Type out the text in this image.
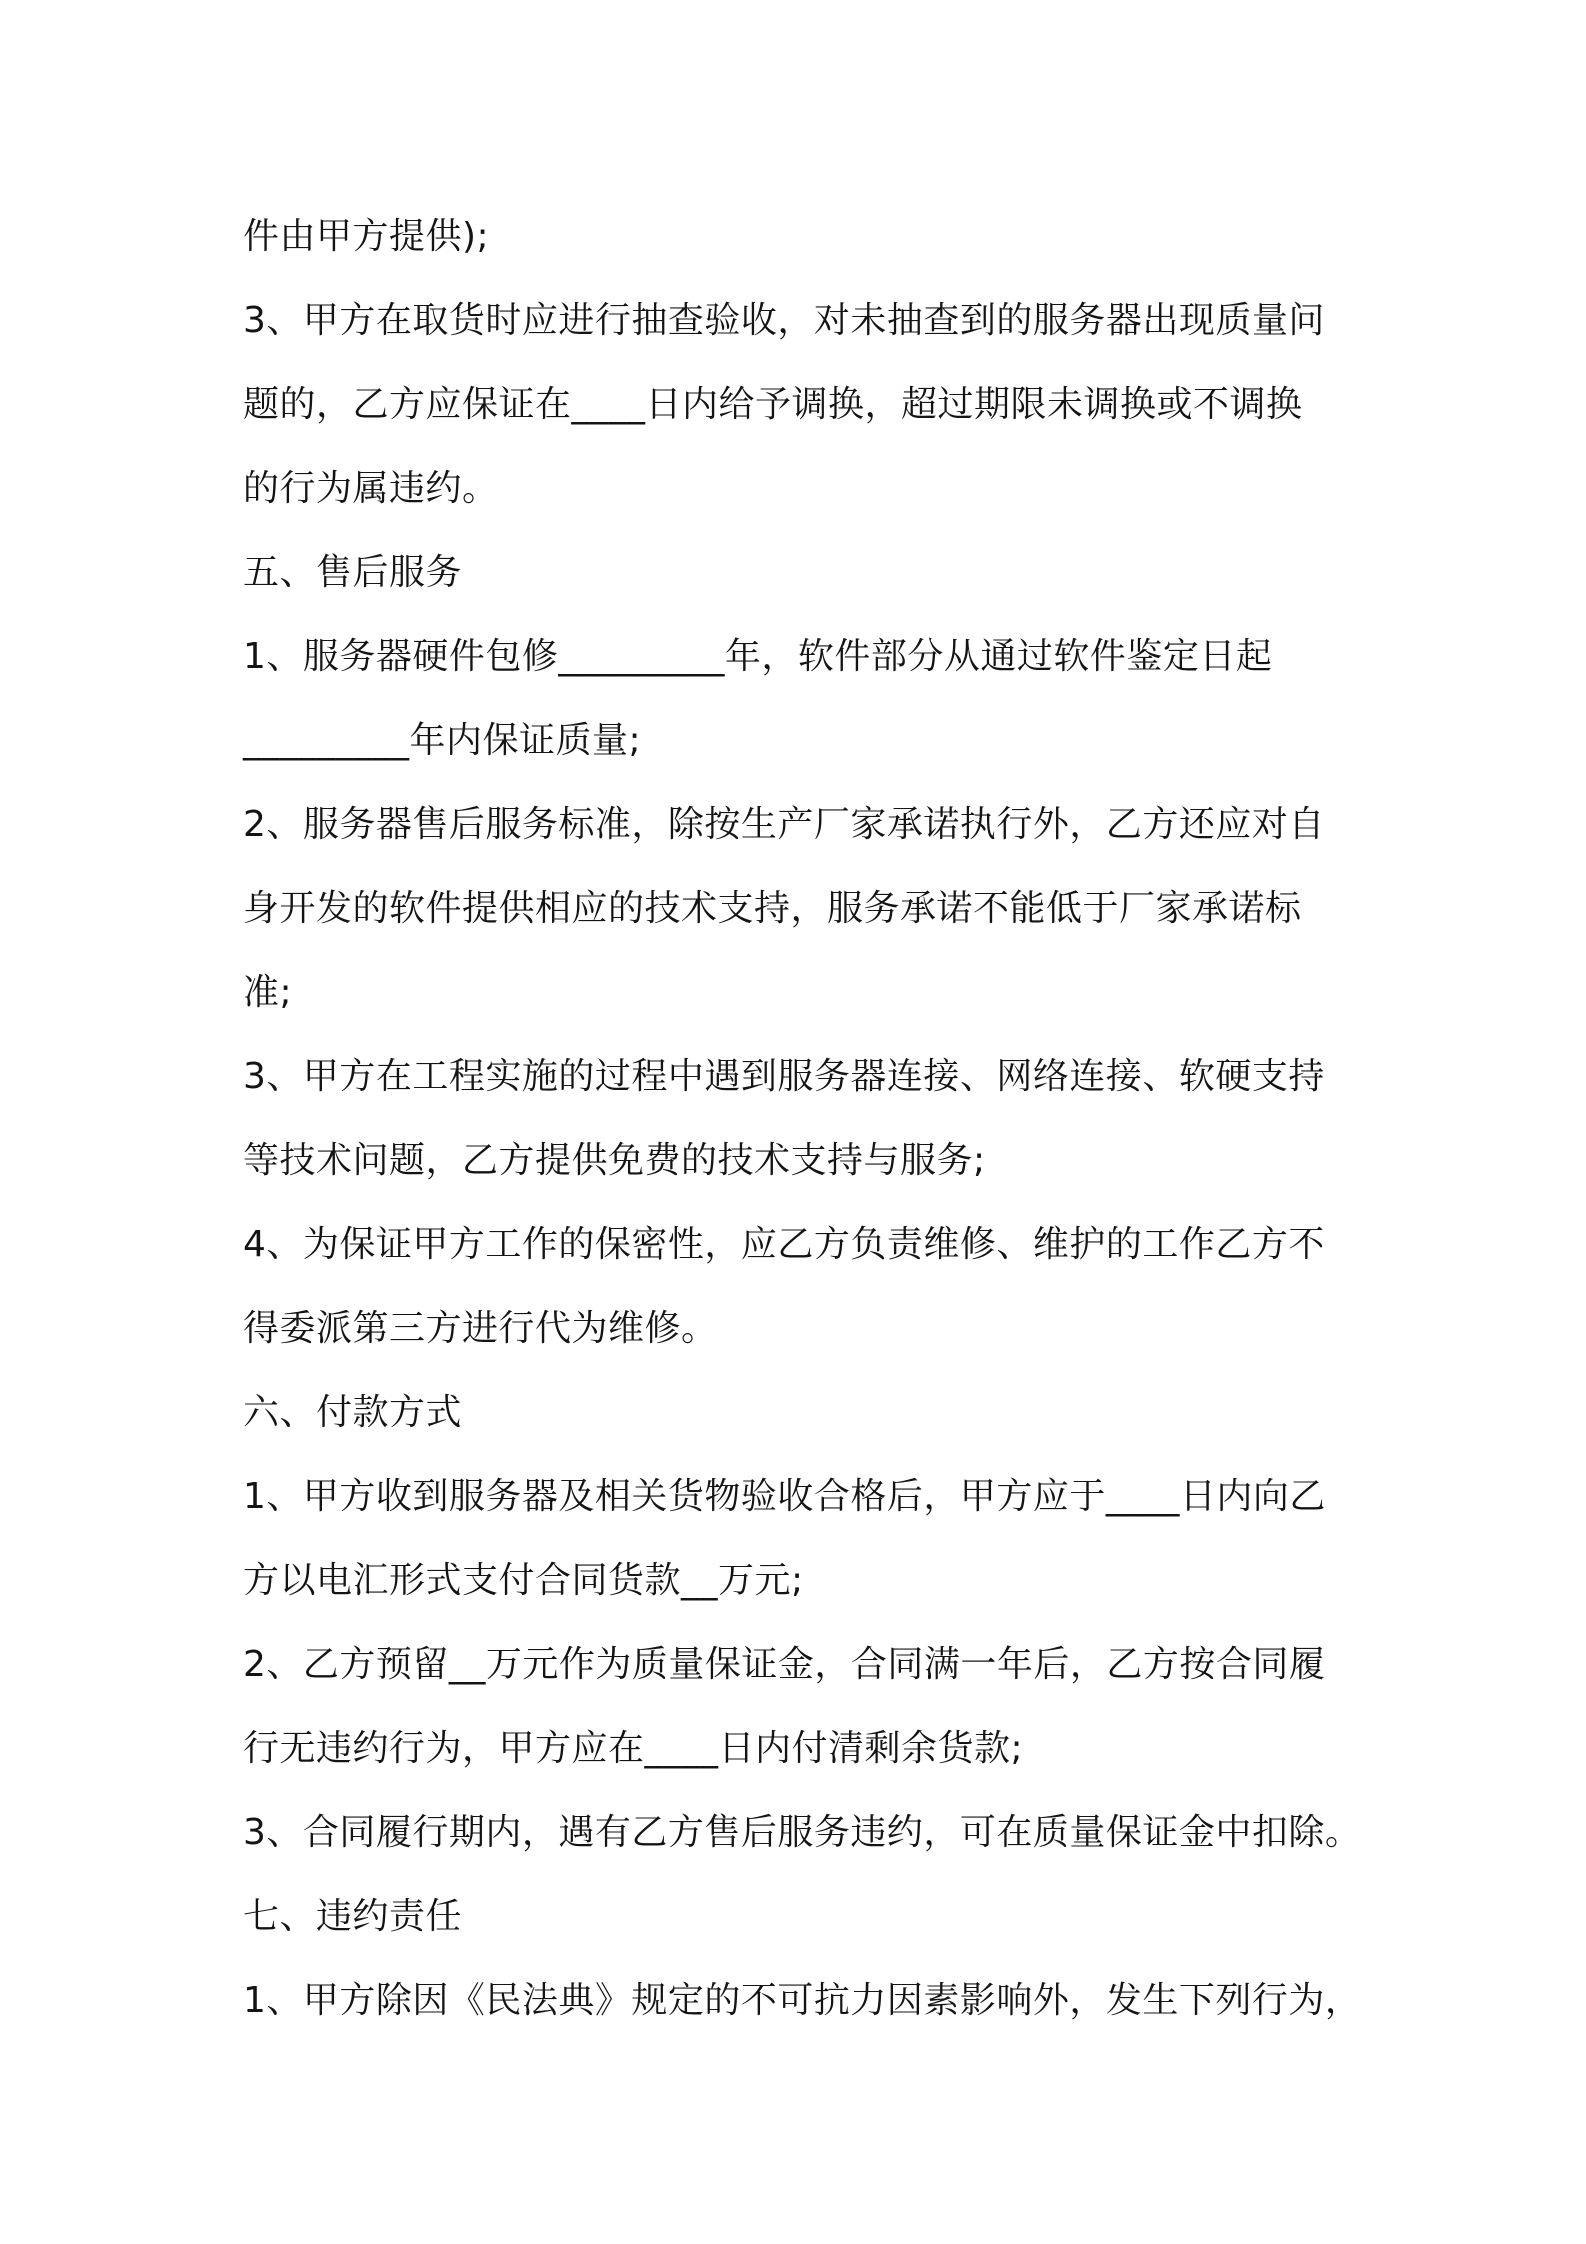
件由甲方提供);
3、甲方在取货时应进行抽查验收，对未抽查到的服务器出现质量问
题的，乙方应保证在____日内给予调换，超过期限未调换或不调换
的行为属违约。
五、售后服务
1、服务器硬件包修_________年，软件部分从通过软件鉴定日起
_________年内保证质量;
2、服务器售后服务标准，除按生产厂家承诺执行外，乙方还应对自
身开发的软件提供相应的技术支持，服务承诺不能低于厂家承诺标
准;
3、甲方在工程实施的过程中遇到服务器连接、网络连接、软硬支持
等技术问题，乙方提供免费的技术支持与服务;
4、为保证甲方工作的保密性，应乙方负责维修、维护的工作乙方不
得委派第三方进行代为维修。
六、付款方式
1、甲方收到服务器及相关货物验收合格后，甲方应于____日内向乙
方以电汇形式支付合同货款__万元;
2、乙方预留__万元作为质量保证金，合同满一年后，乙方按合同履
行无违约行为，甲方应在____日内付清剩余货款;
3、合同履行期内，遇有乙方售后服务违约，可在质量保证金中扣除。
七、违约责任
1、甲方除因《民法典》规定的不可抗力因素影响外，发生下列行为，
